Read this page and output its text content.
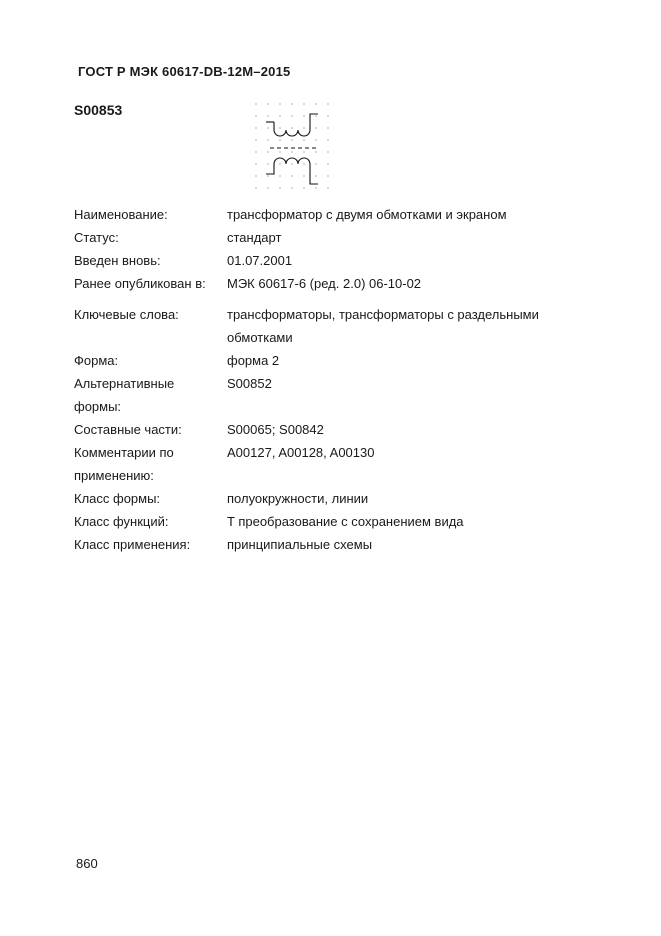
ГОСТ Р МЭК 60617-DB-12M–2015
S00853
Наименование:	трансформатор с двумя обмотками и экраном
Статус:	стандарт
Введен вновь:	01.07.2001
Ранее опубликован в:	МЭК 60617-6 (ред. 2.0) 06-10-02
Ключевые слова:	трансформаторы, трансформаторы с раздельными обмотками
Форма:	форма 2
Альтернативные формы:
S00852
Составные части:	S00065; S00842
Комментарии по применению:
A00127, A00128, A00130
Класс формы:	полуокружности, линии
Класс функций:	T преобразование с сохранением вида
Класс применения:	принципиальные схемы
860
